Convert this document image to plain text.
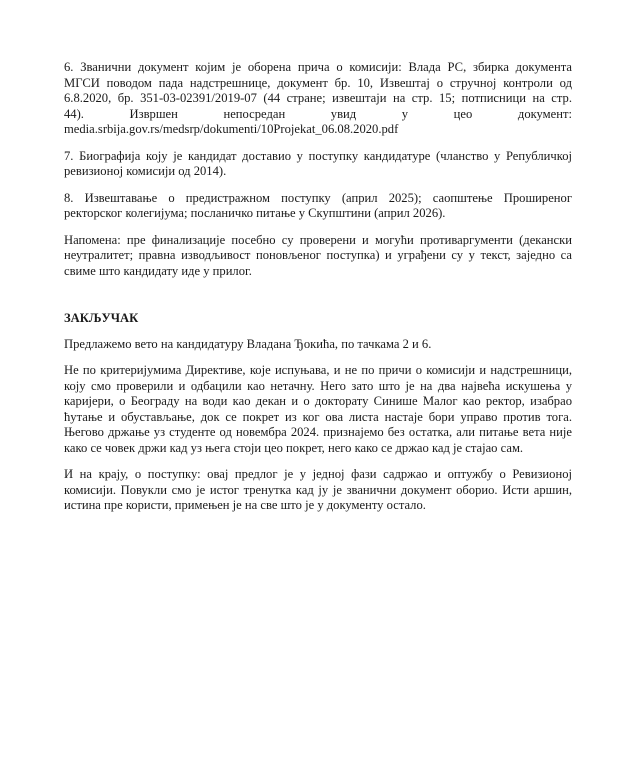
6. Званични документ којим је оборена прича о комисији: Влада РС, збирка документа
МГСИ поводом пада надстрешнице, документ бр. 10, Извештај о стручној контроли од
6.8.2020, бр. 351-03-02391/2019-07 (44 стране; извештаји на стр. 15; потписници на стр.
44). Извршен непосредан увид у цео документ:
media.srbija.gov.rs/medsrp/dokumenti/10Projekat_06.08.2020.pdf
7. Биографија коју је кандидат доставио у поступку кандидатуре (чланство у Републичкој
ревизионој комисији од 2014).
8. Извештавање о предистражном поступку (април 2025); саопштење Проширеног
ректорског колегијума; посланичко питање у Скупштини (април 2026).
Напомена: пре финализације посебно су проверени и могући противаргументи (декански
неутралитет; правна изводљивост поновљеног поступка) и уграђени су у текст, заједно са
свиме што кандидату иде у прилог.
ЗАКЉУЧАК
Предлажемо вето на кандидатуру Владана Ђокића, по тачкама 2 и 6.
Не по критеријумима Директиве, које испуњава, и не по причи о комисији и надстрешници,
коју смо проверили и одбацили као нетачну. Него зато што је на два највећа искушења у
каријери, о Београду на води као декан и о докторату Синише Малог као ректор, изабрао
ћутање и обустављање, док се покрет из ког ова листа настаје бори управо против тога.
Његово држање уз студенте од новембра 2024. признајемо без остатка, али питање вета није
како се човек држи кад уз њега стоји цео покрет, него како се држао кад је стајао сам.
И на крају, о поступку: овај предлог је у једној фази садржао и оптужбу о Ревизионој
комисији. Повукли смо је истог тренутка кад ју је званични документ оборио. Исти аршин,
истина пре користи, примењен је на све што је у документу остало.
